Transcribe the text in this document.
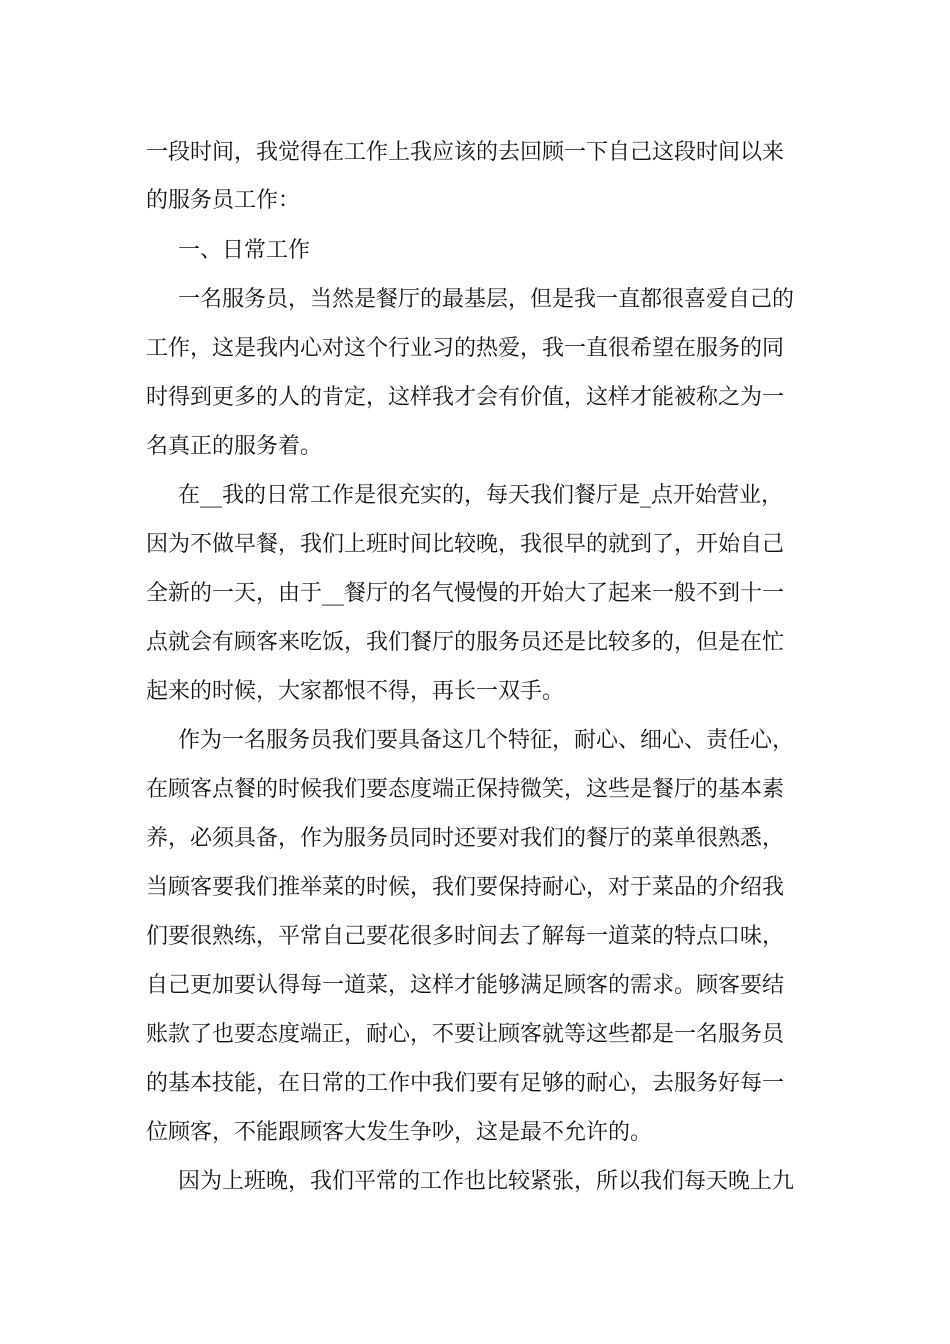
一段时间，我觉得在工作上我应该的去回顾一下自己这段时间以来
的服务员工作：
一、日常工作
一名服务员，当然是餐厅的最基层，但是我一直都很喜爱自己的
工作，这是我内心对这个行业习的热爱，我一直很希望在服务的同
时得到更多的人的肯定，这样我才会有价值，这样才能被称之为一
名真正的服务着。
在__我的日常工作是很充实的，每天我们餐厅是_点开始营业，
因为不做早餐，我们上班时间比较晚，我很早的就到了，开始自己
全新的一天，由于__餐厅的名气慢慢的开始大了起来一般不到十一
点就会有顾客来吃饭，我们餐厅的服务员还是比较多的，但是在忙
起来的时候，大家都恨不得，再长一双手。
作为一名服务员我们要具备这几个特征，耐心、细心、责任心，
在顾客点餐的时候我们要态度端正保持微笑，这些是餐厅的基本素
养，必须具备，作为服务员同时还要对我们的餐厅的菜单很熟悉，
当顾客要我们推举菜的时候，我们要保持耐心，对于菜品的介绍我
们要很熟练，平常自己要花很多时间去了解每一道菜的特点口味，
自己更加要认得每一道菜，这样才能够满足顾客的需求。顾客要结
账款了也要态度端正，耐心，不要让顾客就等这些都是一名服务员
的基本技能，在日常的工作中我们要有足够的耐心，去服务好每一
位顾客，不能跟顾客大发生争吵，这是最不允许的。
因为上班晚，我们平常的工作也比较紧张，所以我们每天晚上九
